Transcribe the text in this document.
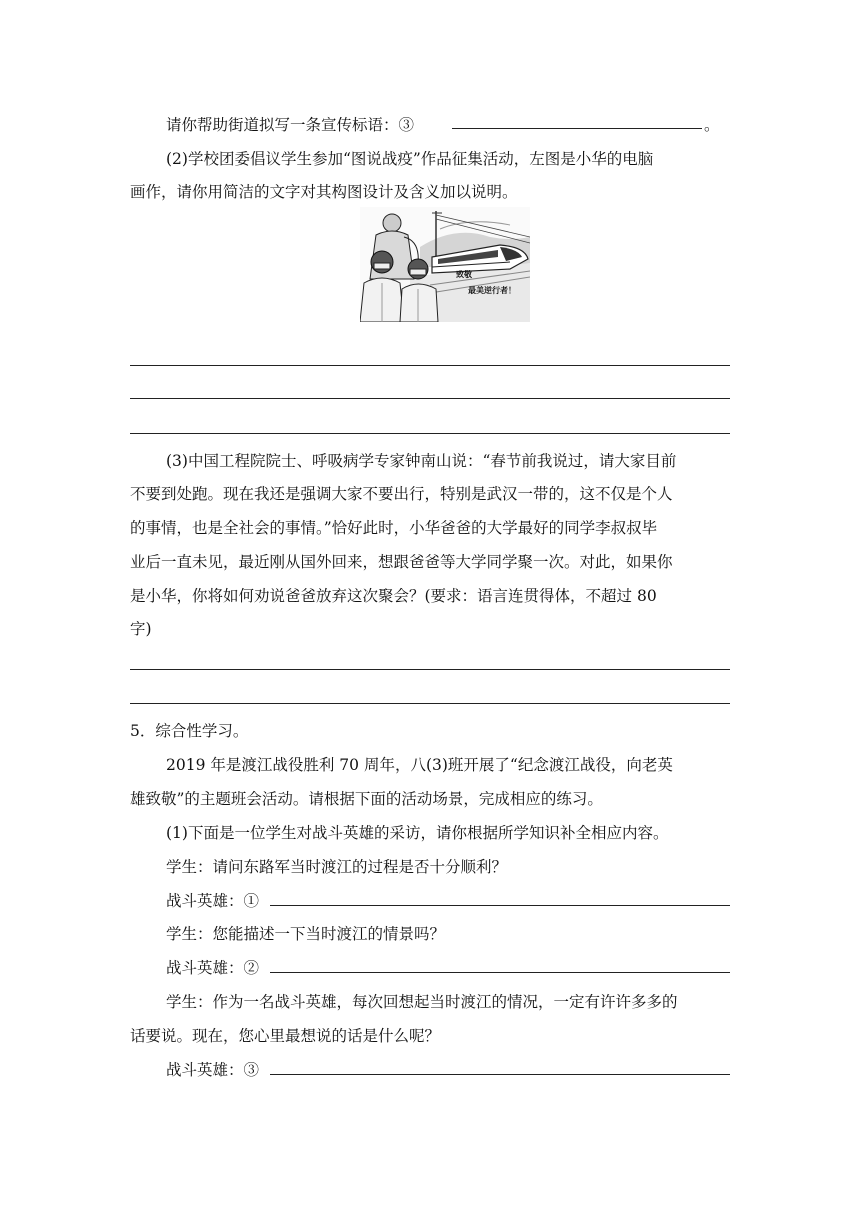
请你帮助街道拟写一条宣传标语：③	。
(2)学校团委倡议学生参加“图说战疫”作品征集活动，左图是小华的电脑
画作，请你用简洁的文字对其构图设计及含义加以说明。
致敬
最美逆行者！
(3)中国工程院院士、呼吸病学专家钟南山说：“春节前我说过，请大家目前
不要到处跑。现在我还是强调大家不要出行，特别是武汉一带的，这不仅是个人
的事情，也是全社会的事情。”恰好此时，小华爸爸的大学最好的同学李叔叔毕
业后一直未见，最近刚从国外回来，想跟爸爸等大学同学聚一次。对此，如果你
是小华，你将如何劝说爸爸放弃这次聚会？(要求：语言连贯得体，不超过 80
字)
5．综合性学习。
2019 年是渡江战役胜利 70 周年，八(3)班开展了“纪念渡江战役，向老英
雄致敬”的主题班会活动。请根据下面的活动场景，完成相应的练习。
(1)下面是一位学生对战斗英雄的采访，请你根据所学知识补全相应内容。
学生：请问东路军当时渡江的过程是否十分顺利？
战斗英雄：①
学生：您能描述一下当时渡江的情景吗？
战斗英雄：②
学生：作为一名战斗英雄，每次回想起当时渡江的情况，一定有许许多多的
话要说。现在，您心里最想说的话是什么呢？
战斗英雄：③
